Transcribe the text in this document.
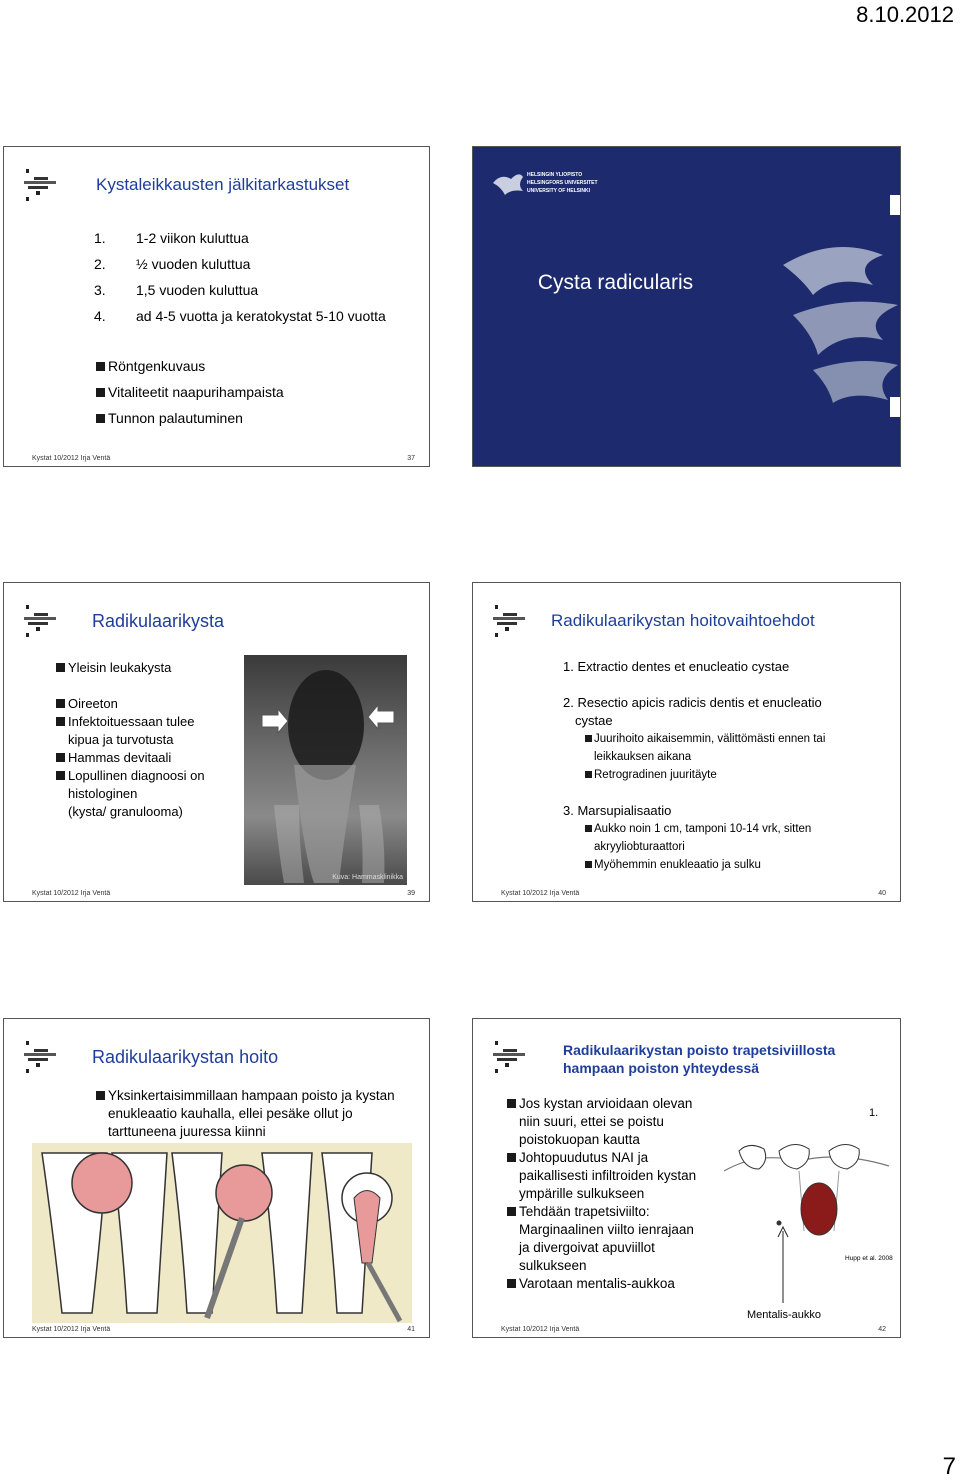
8.10.2012
Kystaleikkausten jälkitarkastukset
1. 1-2 viikon kuluttua
2. ½ vuoden kuluttua
3. 1,5 vuoden kuluttua
4. ad 4-5 vuotta ja keratokystat 5-10 vuotta
Röntgenkuvaus
Vitaliteetit naapurihampaista
Tunnon palautuminen
Kystat 10/2012 Irja Ventä	37
HELSINGIN YLIOPISTO
HELSINGFORS UNIVERSITET
UNIVERSITY OF HELSINKI
Cysta radicularis
Radikulaarikysta
Yleisin leukakysta
Oireeton
Infektoituessaan tulee
kipua ja turvotusta
Hammas devitaali
Lopullinen diagnoosi on
histologinen
(kysta/ granulooma)
Kuva: Hammasklinikka
Kystat 10/2012 Irja Ventä	39
Radikulaarikystan hoitovaihtoehdot
1. Extractio dentes et enucleatio cystae
2. Resectio apicis radicis dentis et enucleatio
cystae
Juurihoito aikaisemmin, välittömästi ennen tai
leikkauksen aikana
Retrogradinen juuritäyte
3. Marsupialisaatio
Aukko noin 1 cm, tamponi 10-14 vrk, sitten
akryyliobturaattori
Myöhemmin enukleaatio ja sulku
Kystat 10/2012 Irja Ventä	40
Radikulaarikystan hoito
Yksinkertaisimmillaan hampaan poisto ja kystan
enukleaatio kauhalla, ellei pesäke ollut jo
tarttuneena juuressa kiinni
Kystat 10/2012 Irja Ventä	41
Radikulaarikystan poisto trapetsiviillosta
hampaan poiston yhteydessä
Jos kystan arvioidaan olevan
niin suuri, ettei se poistu
poistokuopan kautta
Johtopuudutus NAI ja
paikallisesti infiltroiden kystan
ympärille sulkukseen
Tehdään trapetsiviilto:
Marginaalinen viilto ienrajaan
ja divergoivat apuviillot
sulkukseen
Varotaan mentalis-aukkoa
1.
Hupp et al. 2008
Mentalis-aukko
Kystat 10/2012 Irja Ventä	42
7
